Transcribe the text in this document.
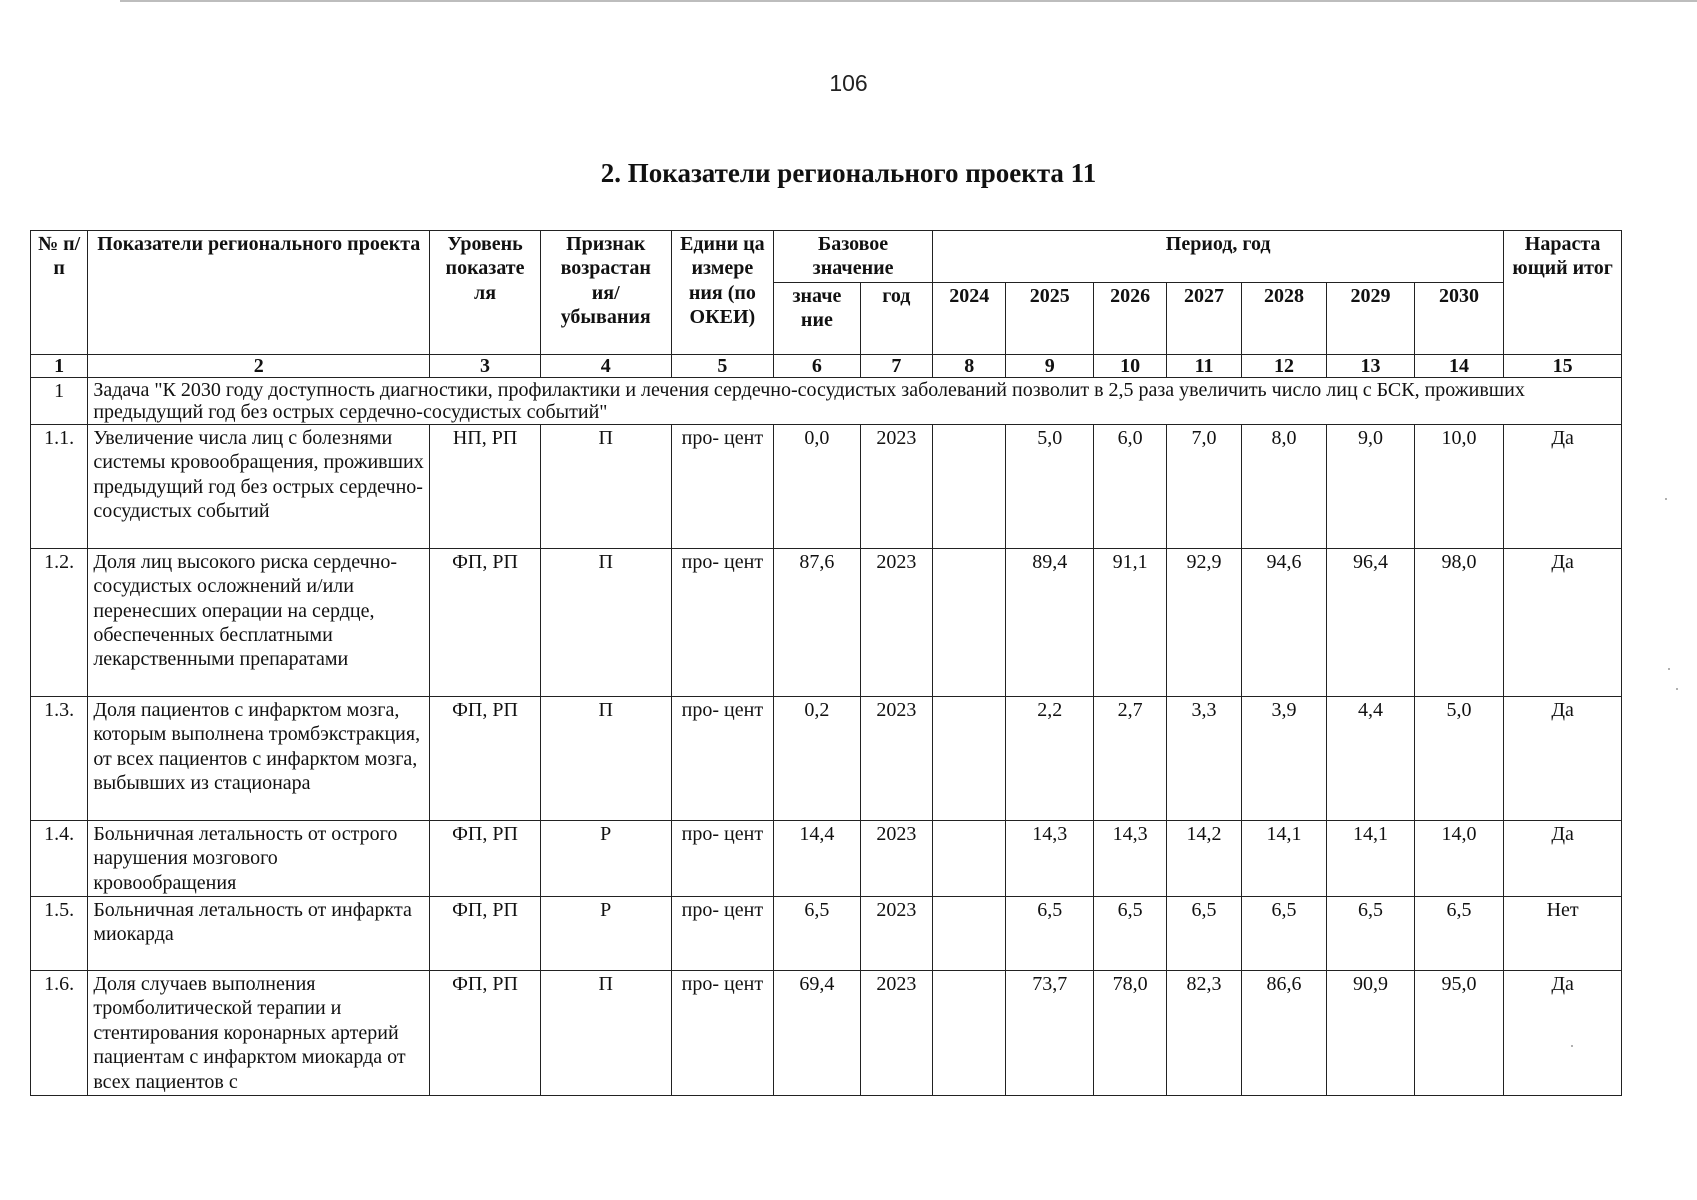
106
2. Показатели регионального проекта 11
№ п/п	Показатели регионального проекта	Уровень показате ля	Признак возрастан ия/ убывания	Едини ца измере ния (по ОКЕИ)	Базовое значение		Период, год							Нараста ющий итог
					значе ние	год	2024	2025	2026	2027	2028	2029	2030	
1	2	3	4	5	6	7	8	9	10	11	12	13	14	15
1	Задача "К 2030 году доступность диагностики, профилактики и лечения сердечно-сосудистых заболеваний позволит в 2,5 раза увеличить число лиц с БСК, проживших предыдущий год без острых сердечно-сосудистых событий"													
1.1.	Увеличение числа лиц с болезнями системы кровообращения, проживших предыдущий год без острых сердечно-сосудистых событий	НП, РП	П	про- цент	0,0	2023		5,0	6,0	7,0	8,0	9,0	10,0	Да
1.2.	Доля лиц высокого риска сердечно-сосудистых осложнений и/или перенесших операции на сердце, обеспеченных бесплатными лекарственными препаратами	ФП, РП	П	про- цент	87,6	2023		89,4	91,1	92,9	94,6	96,4	98,0	Да
1.3.	Доля пациентов с инфарктом мозга, которым выполнена тромбэкстракция, от всех пациентов с инфарктом мозга, выбывших из стационара	ФП, РП	П	про- цент	0,2	2023		2,2	2,7	3,3	3,9	4,4	5,0	Да
1.4.	Больничная летальность от острого нарушения мозгового кровообращения	ФП, РП	Р	про- цент	14,4	2023		14,3	14,3	14,2	14,1	14,1	14,0	Да
1.5.	Больничная летальность от инфаркта миокарда	ФП, РП	Р	про- цент	6,5	2023		6,5	6,5	6,5	6,5	6,5	6,5	Нет
1.6.	Доля случаев выполнения тромболитической терапии и стентирования коронарных артерий пациентам с инфарктом миокарда от всех пациентов с	ФП, РП	П	про- цент	69,4	2023		73,7	78,0	82,3	86,6	90,9	95,0	Да
